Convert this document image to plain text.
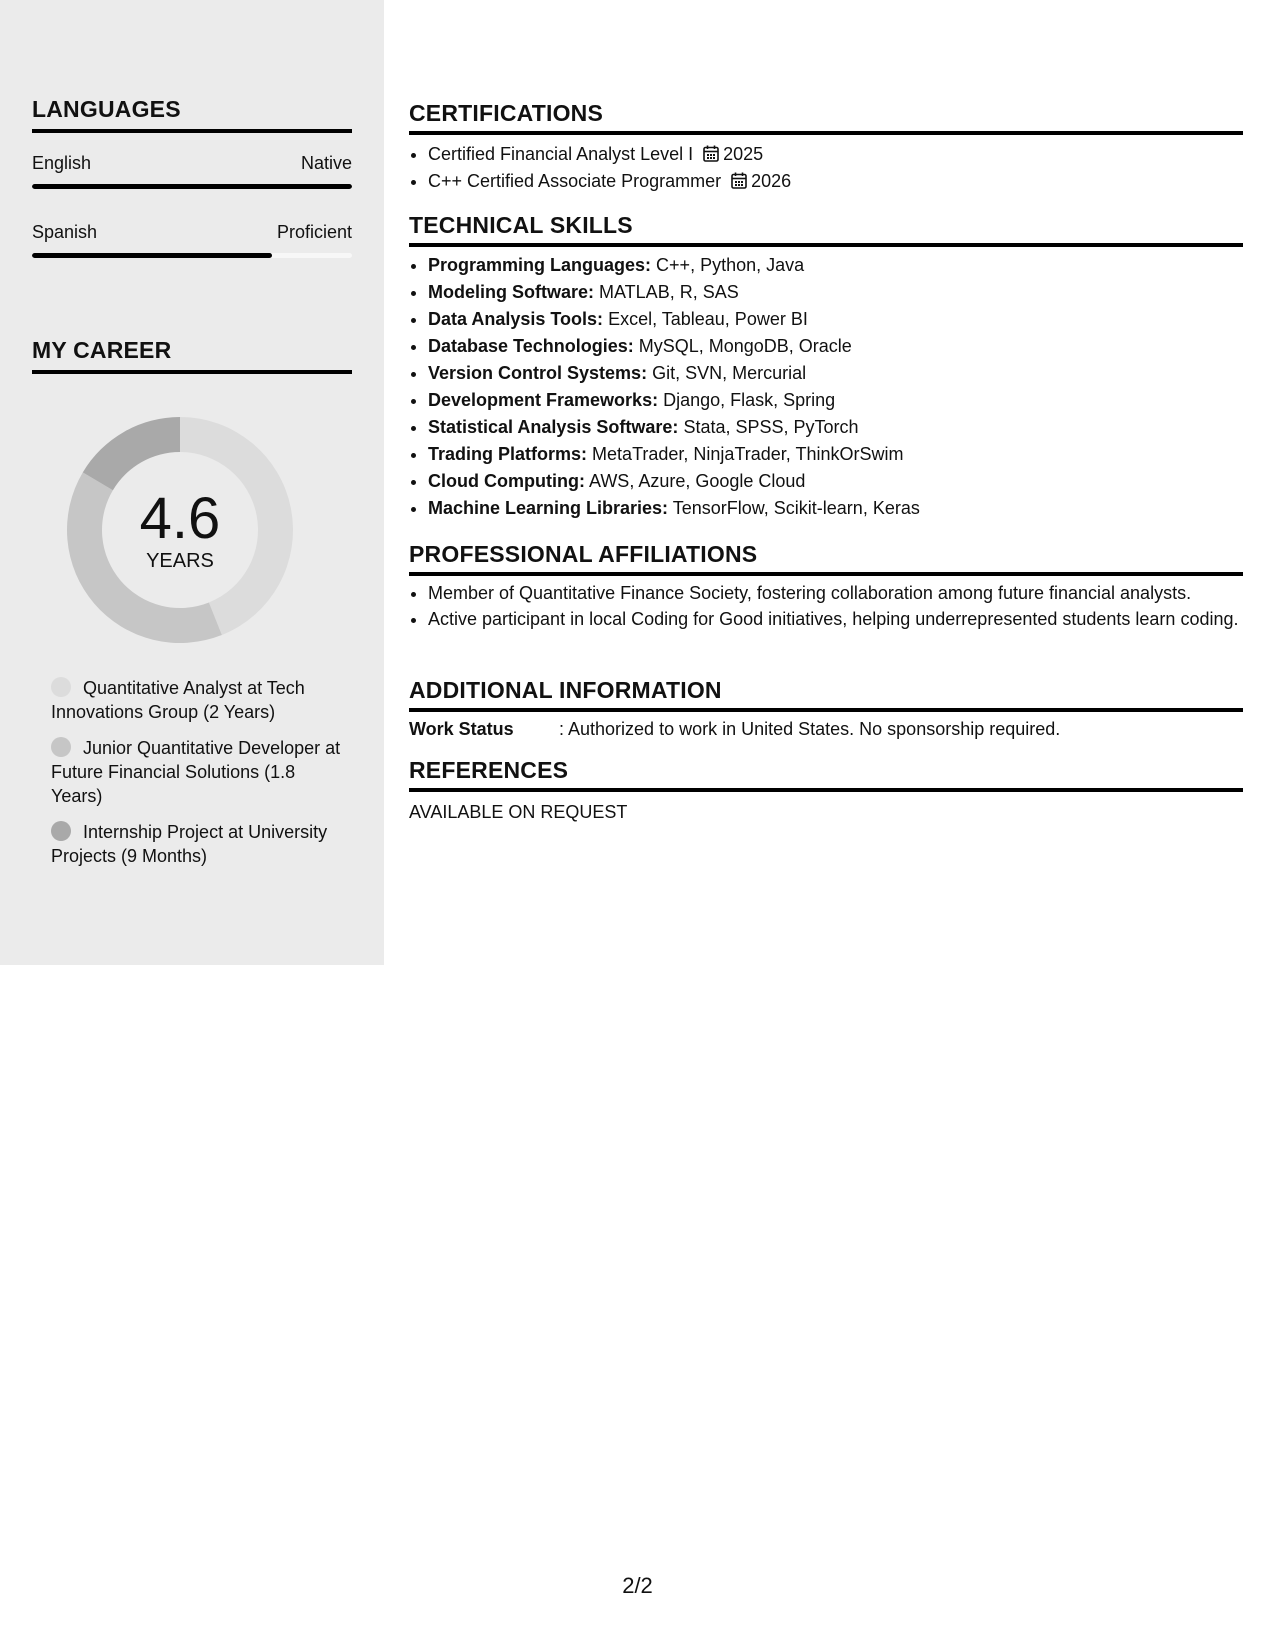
LANGUAGES
English	Native
Spanish	Proficient
MY CAREER
4.6
YEARS
Quantitative Analyst at Tech Innovations Group (2 Years)
Junior Quantitative Developer at Future Financial Solutions (1.8 Years)
Internship Project at University Projects (9 Months)
CERTIFICATIONS
• Certified Financial Analyst Level I 2025
• C++ Certified Associate Programmer 2026
TECHNICAL SKILLS
• Programming Languages: C++, Python, Java
• Modeling Software: MATLAB, R, SAS
• Data Analysis Tools: Excel, Tableau, Power BI
• Database Technologies: MySQL, MongoDB, Oracle
• Version Control Systems: Git, SVN, Mercurial
• Development Frameworks: Django, Flask, Spring
• Statistical Analysis Software: Stata, SPSS, PyTorch
• Trading Platforms: MetaTrader, NinjaTrader, ThinkOrSwim
• Cloud Computing: AWS, Azure, Google Cloud
• Machine Learning Libraries: TensorFlow, Scikit-learn, Keras
PROFESSIONAL AFFILIATIONS
• Member of Quantitative Finance Society, fostering collaboration among future financial analysts.
• Active participant in local Coding for Good initiatives, helping underrepresented students learn coding.
ADDITIONAL INFORMATION
Work Status	: Authorized to work in United States. No sponsorship required.
REFERENCES
AVAILABLE ON REQUEST
2/2
